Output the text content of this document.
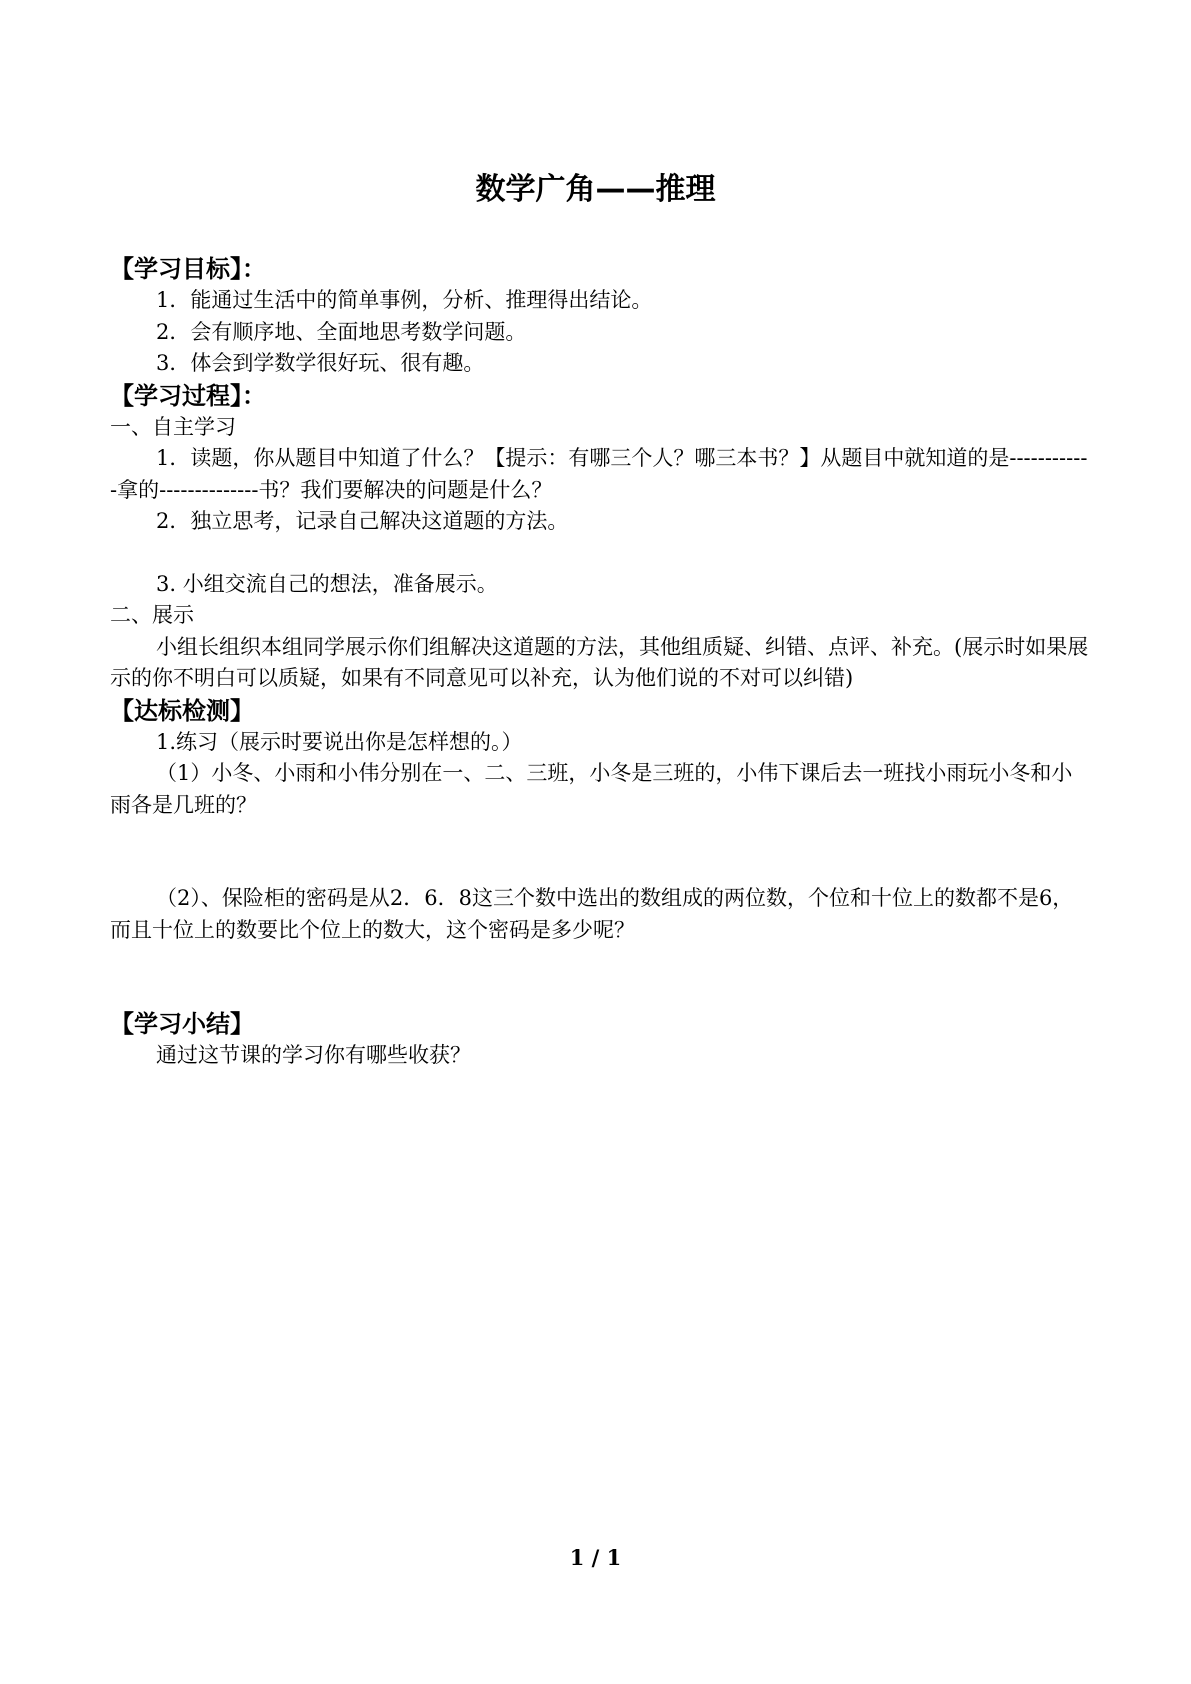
数学广角——推理
【学习目标】：

1．能通过生活中的简单事例，分析、推理得出结论。

2．会有顺序地、全面地思考数学问题。

3．体会到学数学很好玩、很有趣。

【学习过程】：

一、自主学习

1．读题，你从题目中知道了什么？【提示：有哪三个人？哪三本书？】从题目中就知道的是------------拿的--------------书？我们要解决的问题是什么？

2．独立思考，记录自己解决这道题的方法。

3. 小组交流自己的想法，准备展示。

二、展示

小组长组织本组同学展示你们组解决这道题的方法，其他组质疑、纠错、点评、补充。(展示时如果展示的你不明白可以质疑，如果有不同意见可以补充，认为他们说的不对可以纠错)

【达标检测】

1.练习（展示时要说出你是怎样想的。）

（1）小冬、小雨和小伟分别在一、二、三班，小冬是三班的，小伟下课后去一班找小雨玩小冬和小雨各是几班的？

（2）、保险柜的密码是从2．6．8这三个数中选出的数组成的两位数，个位和十位上的数都不是6，而且十位上的数要比个位上的数大，这个密码是多少呢？

【学习小结】

通过这节课的学习你有哪些收获？

1 / 1
